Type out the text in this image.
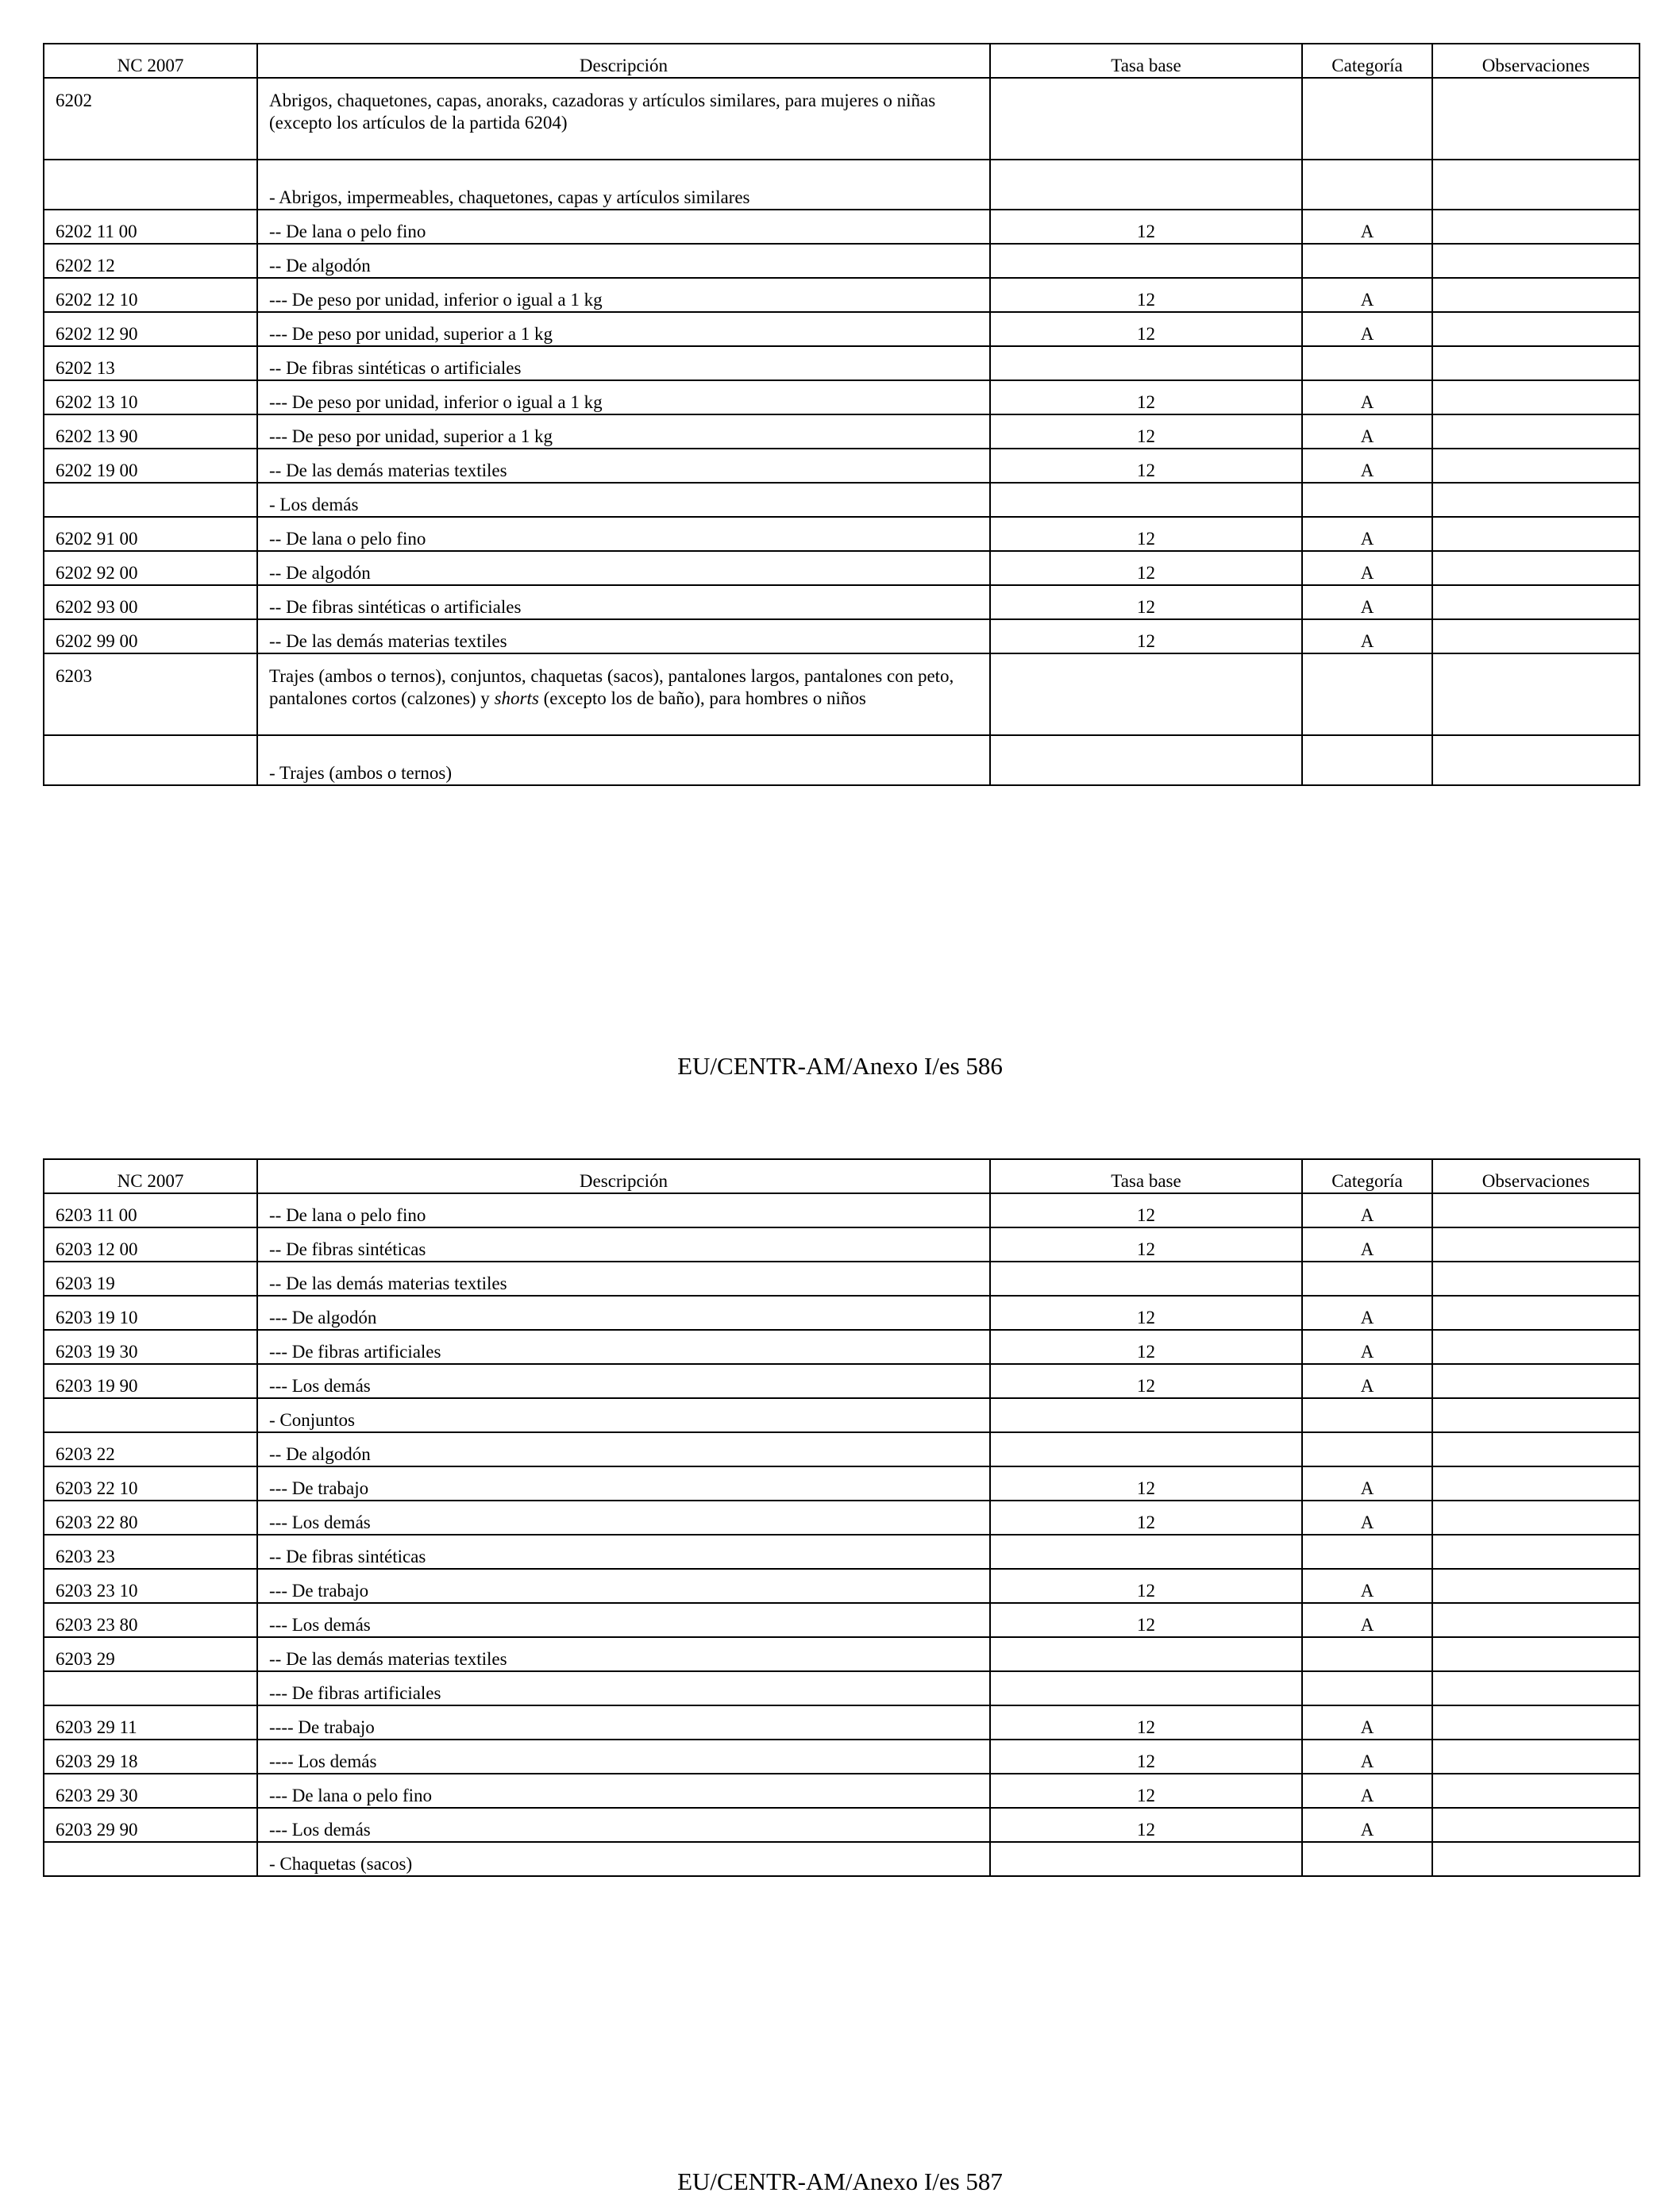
NC 2007	Descripción	Tasa base	Categoría	Observaciones
6202	Abrigos, chaquetones, capas, anoraks, cazadoras y artículos similares, para mujeres o niñas (excepto los artículos de la partida 6204)			
	- Abrigos, impermeables, chaquetones, capas y artículos similares			
6202 11 00	-- De lana o pelo fino	12	A	
6202 12	-- De algodón			
6202 12 10	--- De peso por unidad, inferior o igual a 1 kg	12	A	
6202 12 90	--- De peso por unidad, superior a 1 kg	12	A	
6202 13	-- De fibras sintéticas o artificiales			
6202 13 10	--- De peso por unidad, inferior o igual a 1 kg	12	A	
6202 13 90	--- De peso por unidad, superior a 1 kg	12	A	
6202 19 00	-- De las demás materias textiles	12	A	
	- Los demás			
6202 91 00	-- De lana o pelo fino	12	A	
6202 92 00	-- De algodón	12	A	
6202 93 00	-- De fibras sintéticas o artificiales	12	A	
6202 99 00	-- De las demás materias textiles	12	A	
6203	Trajes (ambos o ternos), conjuntos, chaquetas (sacos), pantalones largos, pantalones con peto, pantalones cortos (calzones) y shorts (excepto los de baño), para hombres o niños			
	- Trajes (ambos o ternos)			
EU/CENTR-AM/Anexo I/es 586
NC 2007	Descripción	Tasa base	Categoría	Observaciones
6203 11 00	-- De lana o pelo fino	12	A	
6203 12 00	-- De fibras sintéticas	12	A	
6203 19	-- De las demás materias textiles			
6203 19 10	--- De algodón	12	A	
6203 19 30	--- De fibras artificiales	12	A	
6203 19 90	--- Los demás	12	A	
	- Conjuntos			
6203 22	-- De algodón			
6203 22 10	--- De trabajo	12	A	
6203 22 80	--- Los demás	12	A	
6203 23	-- De fibras sintéticas			
6203 23 10	--- De trabajo	12	A	
6203 23 80	--- Los demás	12	A	
6203 29	-- De las demás materias textiles			
	--- De fibras artificiales			
6203 29 11	---- De trabajo	12	A	
6203 29 18	---- Los demás	12	A	
6203 29 30	--- De lana o pelo fino	12	A	
6203 29 90	--- Los demás	12	A	
	- Chaquetas (sacos)			
EU/CENTR-AM/Anexo I/es 587
